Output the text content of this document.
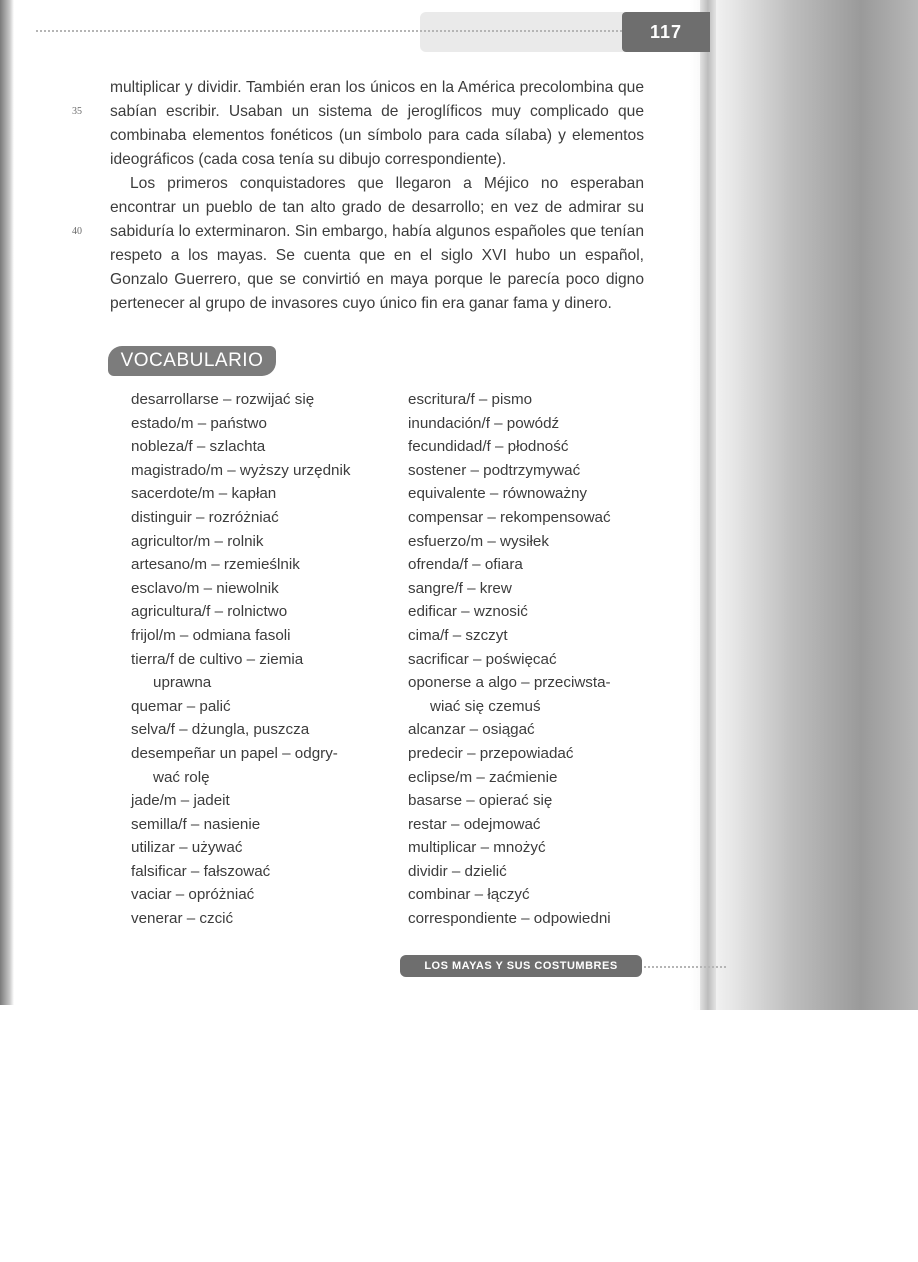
117
35
40

multiplicar y dividir. También eran los únicos en la América precolombina que sabían escribir. Usaban un sistema de jeroglíficos muy complicado que combinaba elementos fonéticos (un símbolo para cada sílaba) y elementos ideográficos (cada cosa tenía su dibujo correspondiente).

Los primeros conquistadores que llegaron a Méjico no esperaban encontrar un pueblo de tan alto grado de desarrollo; en vez de admirar su sabiduría lo exterminaron. Sin embargo, había algunos españoles que tenían respeto a los mayas. Se cuenta que en el siglo XVI hubo un español, Gonzalo Guerrero, que se convirtió en maya porque le parecía poco digno pertenecer al grupo de invasores cuyo único fin era ganar fama y dinero.

VOCABULARIO
desarrollarse – rozwijać się
estado/m – państwo
nobleza/f – szlachta
magistrado/m – wyższy urzędnik
sacerdote/m – kapłan
distinguir – rozróżniać
agricultor/m – rolnik
artesano/m – rzemieślnik
esclavo/m – niewolnik
agricultura/f – rolnictwo
frijol/m – odmiana fasoli
tierra/f de cultivo – ziemia
uprawna
quemar – palić
selva/f – dżungla, puszcza
desempeñar un papel – odgry-
wać rolę
jade/m – jadeit
semilla/f – nasienie
utilizar – używać
falsificar – fałszować
vaciar – opróżniać
venerar – czcić
escritura/f – pismo
inundación/f – powódź
fecundidad/f – płodność
sostener – podtrzymywać
equivalente – równoważny
compensar – rekompensować
esfuerzo/m – wysiłek
ofrenda/f – ofiara
sangre/f – krew
edificar – wznosić
cima/f – szczyt
sacrificar – poświęcać
oponerse a algo – przeciwsta-
wiać się czemuś
alcanzar – osiągać
predecir – przepowiadać
eclipse/m – zaćmienie
basarse – opierać się
restar – odejmować
multiplicar – mnożyć
dividir – dzielić
combinar – łączyć
correspondiente – odpowiedni
LOS MAYAS Y SUS COSTUMBRES
